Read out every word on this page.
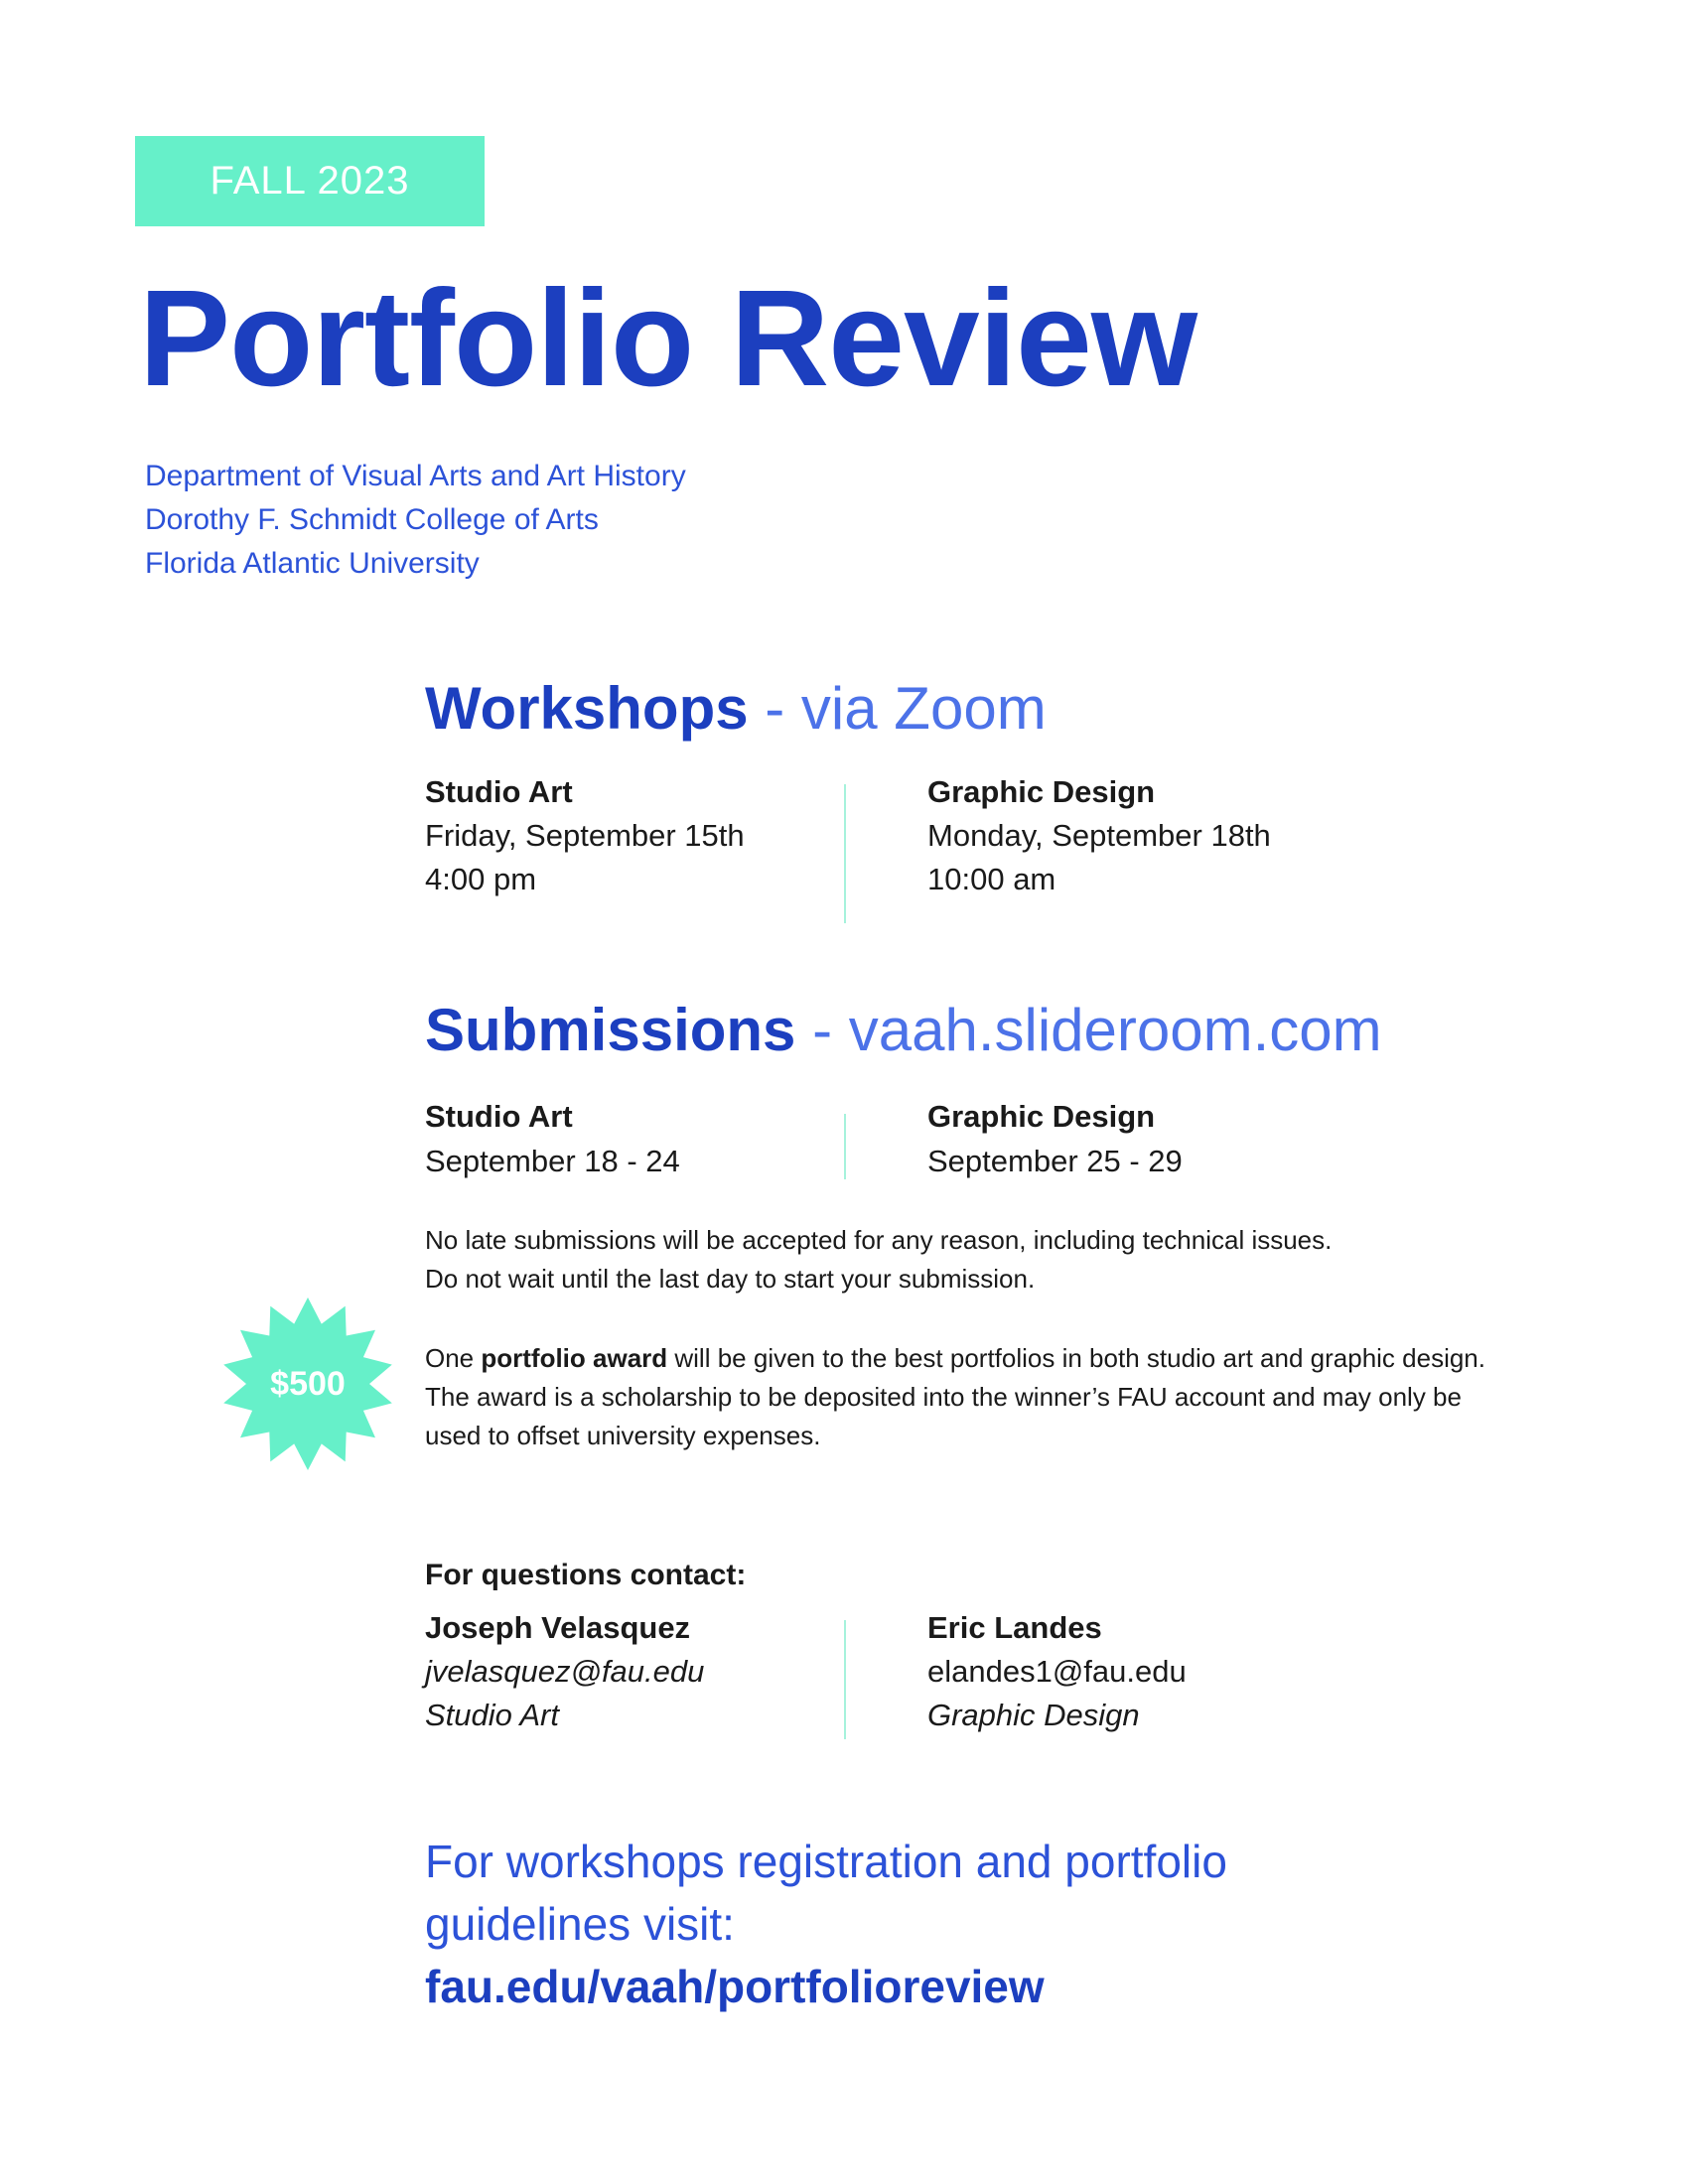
FALL 2023
Portfolio Review
Department of Visual Arts and Art History
Dorothy F. Schmidt College of Arts
Florida Atlantic University
Workshops - via Zoom
Studio Art
Friday, September 15th
4:00 pm
Graphic Design
Monday, September 18th
10:00 am
Submissions - vaah.slideroom.com
Studio Art
September 18 - 24
Graphic Design
September 25 - 29
No late submissions will be accepted for any reason, including technical issues.
Do not wait until the last day to start your submission.
$500
One portfolio award will be given to the best portfolios in both studio art and graphic design. The award is a scholarship to be deposited into the winner’s FAU account and may only be used to offset university expenses.
For questions contact:
Joseph Velasquez
jvelasquez@fau.edu
Studio Art
Eric Landes
elandes1@fau.edu
Graphic Design
For workshops registration and portfolio
guidelines visit:
fau.edu/vaah/portfolioreview
